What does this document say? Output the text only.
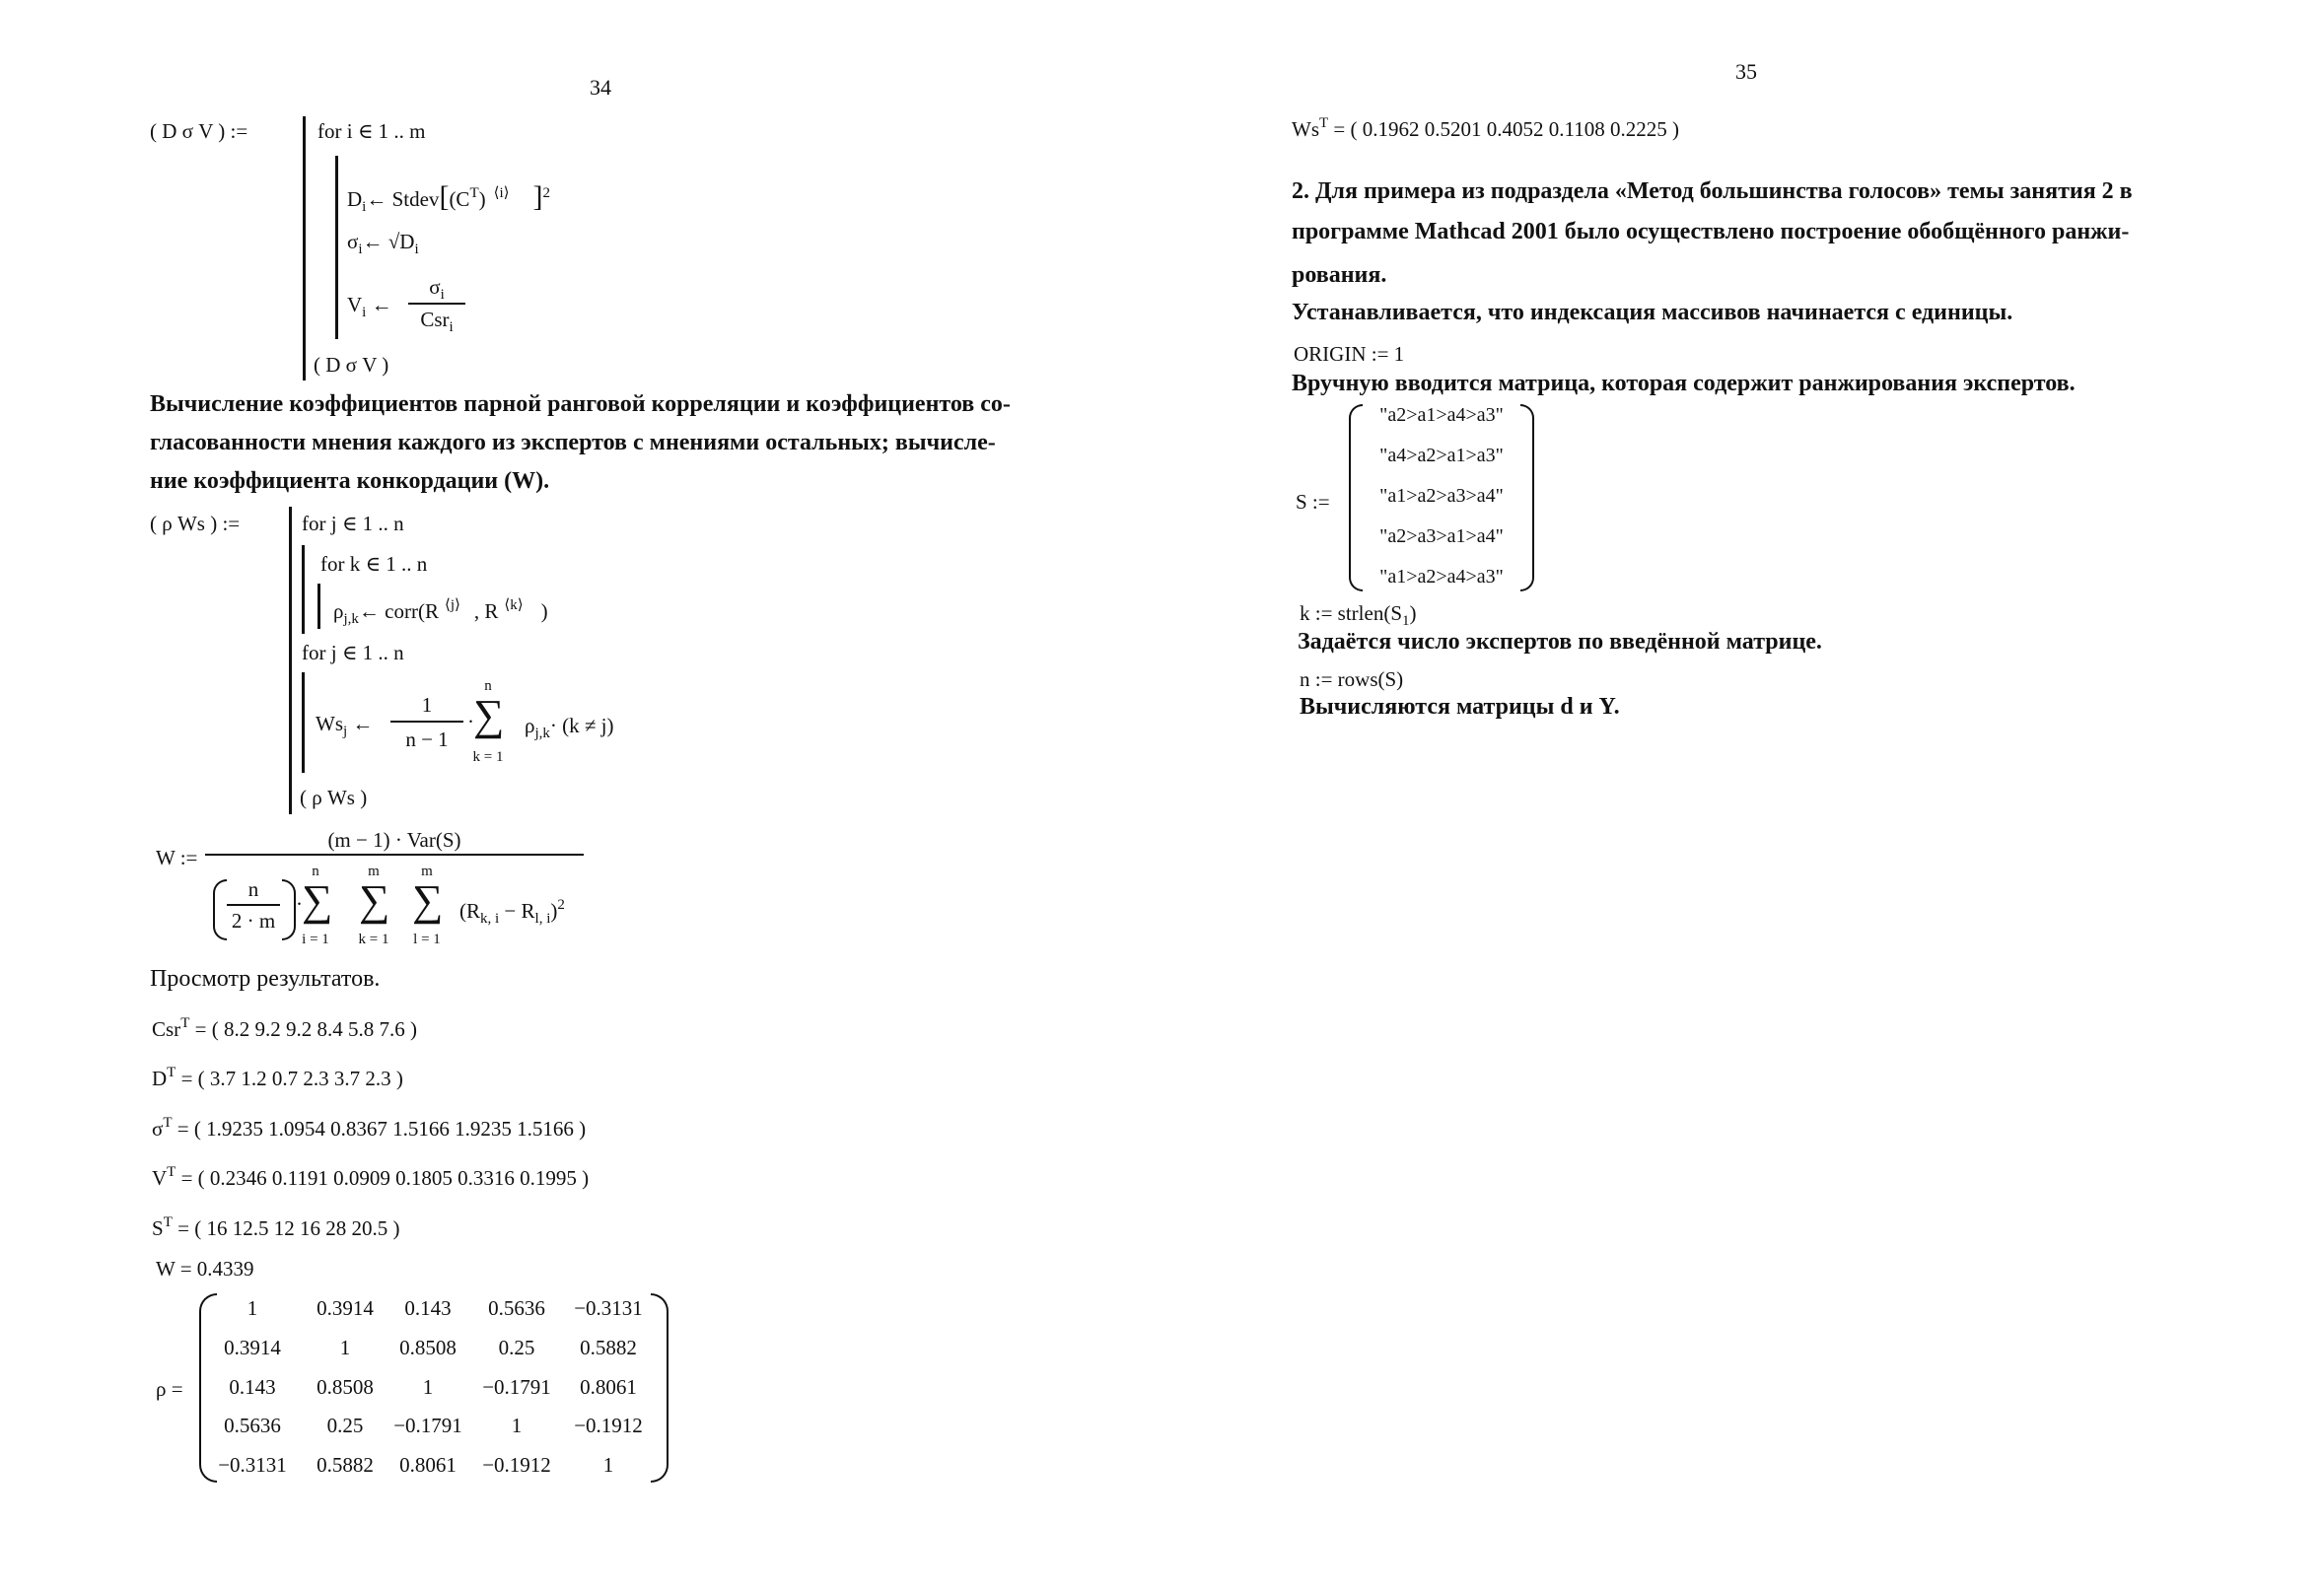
34
( D σ V ) :=	for i ∈ 1 .. m
$D_i\leftarrow$ $Stdev[(C^T)$ $^{⟨i⟩}$ ]$^2$
$\sigma_i\leftarrow$ $√D_i$
$V_i$ ←
$\sigma_i$
Csr$_i$
( D σ V )
Вычисление коэффициентов парной ранговой корреляции и коэффициентов со-
гласованности мнения каждого из экспертов с мнениями остальных; вычисле-
ние коэффициента конкордации (W).
( ρ Ws ) :=	for j ∈ 1 .. n
for k ∈ 1 .. n
$\rho_{j,k}\leftarrow$ corr(R $^{⟨j⟩}$ , R $^{⟨k⟩}$ )
for j ∈ 1 .. n
$Ws_j$ ←
1
n − 1
·
n
∑
k = 1
$\rho_{j,k}\cdot (k \ne j)$
( ρ Ws )
W :=
(m − 1) · Var(S)
n
2 · m
·
n
∑
i = 1
m
∑
k = 1
m
∑
l = 1
$(R_{k, i} - R_{l, i})^2$
Просмотр результатов.
Csr$^T$ = ( 8.2 9.2 9.2 8.4 5.8 7.6 )
$D^T$ = ( 3.7 1.2 0.7 2.3 3.7 2.3 )
$\sigma^T$ = ( 1.9235 1.0954 0.8367 1.5166 1.9235 1.5166 )
$V^T$ = ( 0.2346 0.1191 0.0909 0.1805 0.3316 0.1995 )
$S^T$ = ( 16 12.5 12 16 28 20.5 )
W = 0.4339
ρ =
1	0.3914	0.143	0.5636	−0.3131
0.3914	1	0.8508	0.25	0.5882
0.143	0.8508	1	−0.1791	0.8061
0.5636	0.25	−0.1791	1	−0.1912
−0.3131	0.5882	0.8061	−0.1912	1
35
$Ws^T$ = ( 0.1962 0.5201 0.4052 0.1108 0.2225 )
2. Для примера из подраздела «Метод большинства голосов» темы занятия 2 в
программе Mathcad 2001 было осуществлено построение обобщённого ранжи-
рования.
Устанавливается, что индексация массивов начинается с единицы.
ORIGIN := 1
Вручную вводится матрица, которая содержит ранжирования экспертов.
S :=
"a2>a1>a4>a3"
"a4>a2>a1>a3"
"a1>a2>a3>a4"
"a2>a3>a1>a4"
"a1>a2>a4>a3"
k := $strlen(S_1)$
Задаётся число экспертов по введённой матрице.
n := rows(S)
Вычисляются матрицы d и Y.
